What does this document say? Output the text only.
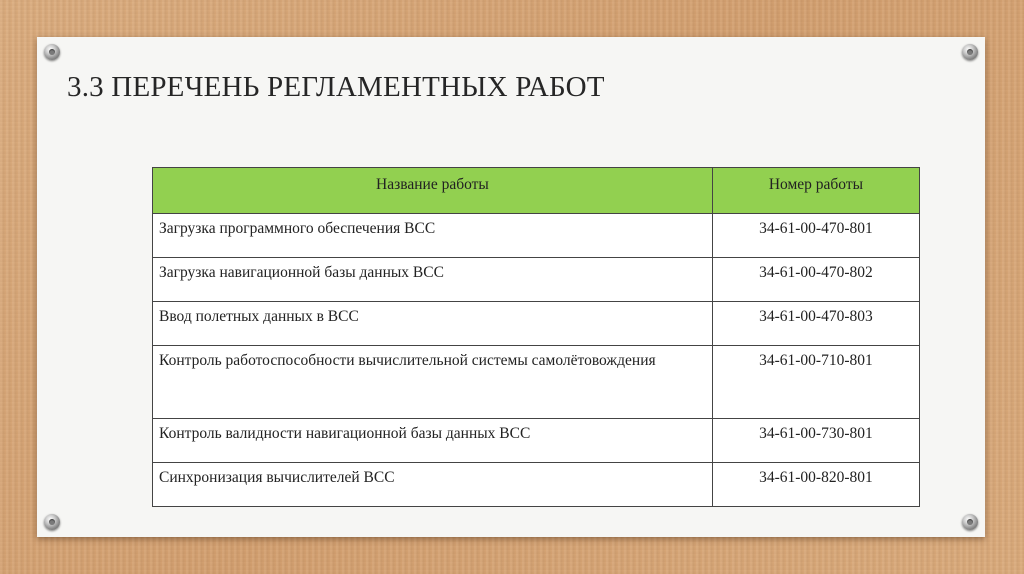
3.3 ПЕРЕЧЕНЬ РЕГЛАМЕНТНЫХ РАБОТ
Название работы	Номер работы
Загрузка программного обеспечения ВСС	34-61-00-470-801
Загрузка навигационной базы данных ВСС	34-61-00-470-802
Ввод полетных данных в ВСС	34-61-00-470-803
Контроль работоспособности вычислительной системы самолётовождения	34-61-00-710-801
Контроль валидности навигационной базы данных ВСС	34-61-00-730-801
Синхронизация вычислителей ВСС	34-61-00-820-801
